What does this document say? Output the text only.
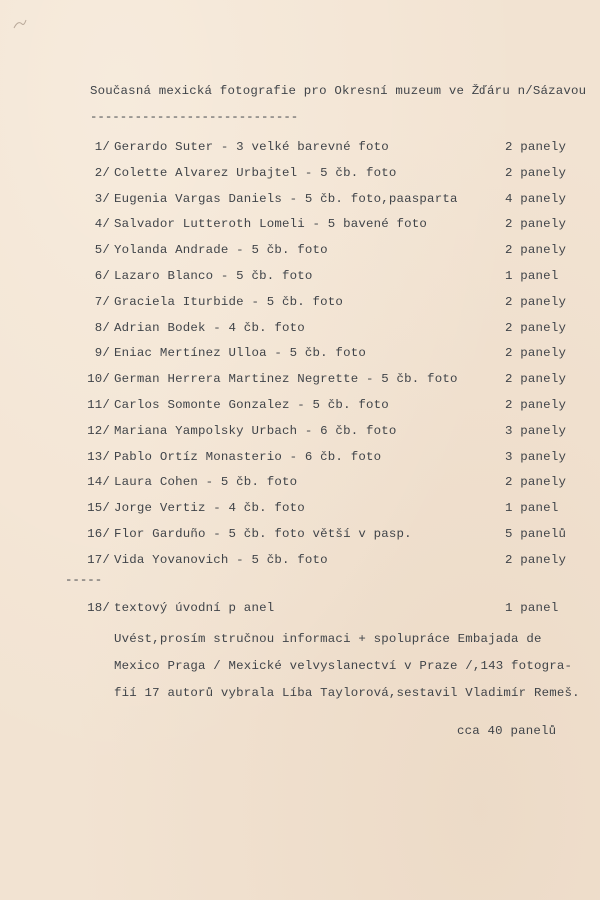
Současná mexická fotografie pro Okresní muzeum ve Žďáru n/Sázavou
----------------------------
1/ Gerardo Suter - 3 velké barevné foto	2 panely
2/ Colette Alvarez Urbajtel - 5 čb. foto	2 panely
3/ Eugenia Vargas Daniels - 5 čb. foto,paasparta	4 panely
4/ Salvador Lutteroth Lomeli - 5 bavené foto	2 panely
5/ Yolanda Andrade - 5 čb. foto	2 panely
6/ Lazaro Blanco - 5 čb. foto	1 panel
7/ Graciela Iturbide - 5 čb. foto	2 panely
8/ Adrian Bodek - 4 čb. foto	2 panely
9/ Eniac Mertínez Ulloa - 5 čb. foto	2 panely
10/ German Herrera Martinez Negrette - 5 čb. foto	2 panely
11/ Carlos Somonte Gonzalez - 5 čb. foto	2 panely
12/ Mariana Yampolsky Urbach - 6 čb. foto	3 panely
13/ Pablo Ortíz Monasterio - 6 čb. foto	3 panely
14/ Laura Cohen - 5 čb. foto	2 panely
15/ Jorge Vertiz - 4 čb. foto	1 panel
16/ Flor Garduño - 5 čb. foto větší v pasp.	5 panelů
17/ Vida Yovanovich - 5 čb. foto	2 panely
-----
18/ textový úvodní p anel	1 panel
Uvést,prosím stručnou informaci + spolupráce Embajada de
Mexico Praga / Mexické velvyslanectví v Praze /,143 fotogra-
fií 17 autorů vybrala Líba Taylorová,sestavil Vladimír Remeš.
cca 40 panelů
